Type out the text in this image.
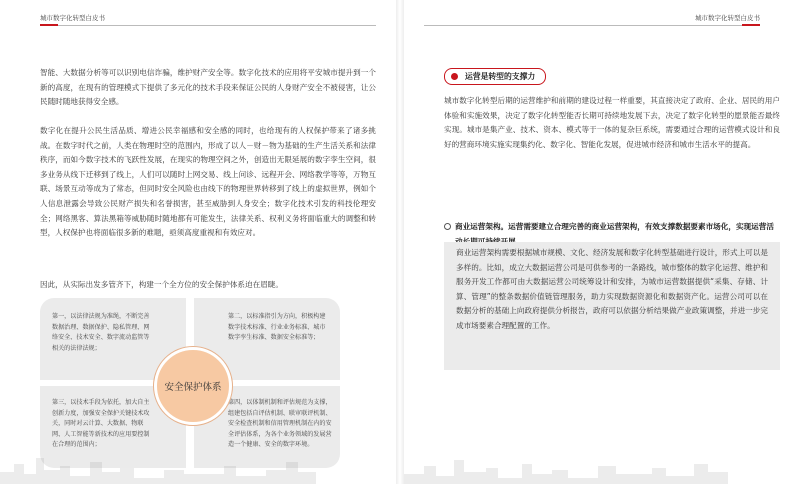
城市数字化转型白皮书

智能、大数据分析等可以识别电信诈骗，维护财产安全等。数字化技术的应用将平安城市提升到一个新的高度，在现有的管理模式下提供了多元化的技术手段来保证公民的人身财产安全不被侵害，让公民随时随地获得安全感。

数字化在提升公民生活品质、增进公民幸福感和安全感的同时，也给现有的人权保护带来了诸多挑战。在数字时代之前，人类在物理时空的范围内，形成了以人－财－物为基础的生产生活关系和法律秩序，而如今数字技术的飞跃性发展，在现实的物理空间之外，创造出无限延展的数字孪生空间，很多业务从线下迁移到了线上，人们可以随时上网交易、线上问诊、远程开会、网络教学等等，万物互联、场景互动等成为了常态，但同时安全风险也由线下的物理世界转移到了线上的虚拟世界，例如个人信息泄露会导致公民财产损失和名誉损害，甚至威胁到人身安全；数字化技术引发的科技伦理安全；网络黑客、算法黑箱等威胁随时随地都有可能发生，法律关系、权利义务将面临重大的调整和转型，人权保护也将面临很多新的难题，亟须高度重视和有效应对。

因此，从实际出发多管齐下，构建一个全方位的安全保护体系迫在眉睫。

第一，以法律法规为准绳，不断完善数据治理、数据保护、隐私管理、网络安全、技术安全、数字流动监管等相关的法律法规；

第二，以标准指引为方向，积极构建数字技术标准、行业业务标准、城市数字孪生标准、数据安全标准等；

第三，以技术手段为依托，加大自主创新力度，加强安全保护关键技术攻关，同时对云计算、大数据、物联网、人工智能等新技术的应用要控制在合理的范围内；

第四，以体制机制和评估规范为支撑，组建包括自评估机制、联审联评机制、安全检查机制和信用管理机制在内的安全评估体系，为各个业务领域的发展营造一个健康、安全的数字环境。

安全保护体系
城市数字化转型白皮书
运营是转型的支撑力

城市数字化转型后期的运营维护和前期的建设过程一样重要，其直接决定了政府、企业、居民的用户体验和实施效果，决定了数字化转型能否长期可持续地发展下去，决定了数字化转型的愿景能否最终实现。城市是集产业、技术、资本、模式等于一体的复杂巨系统，需要通过合理的运营模式设计和良好的营商环境实施实现集约化、数字化、智能化发展，促进城市经济和城市生活水平的提高。

商业运营架构。运营需要建立合理完善的商业运营架构，有效支撑数据要素市场化，实现运营活

商业运营架构需要根据城市规模、文化、经济发展和数字化转型基础进行设计，形式上可以是多样的。比如，成立大数据运营公司是可供参考的一条路线，城市整体的数字化运营、维护和服务开发工作都可由大数据运营公司统筹设计和安排，为城市运营数据提供“采集、存储、计算、管理”的整条数据价值链管理服务，助力实现数据资源化和数据资产化。运营公司可以在数据分析的基础上向政府提供分析报告，政府可以依据分析结果做产业政策调整，并进一步完成市场要素合理配置的工作。
